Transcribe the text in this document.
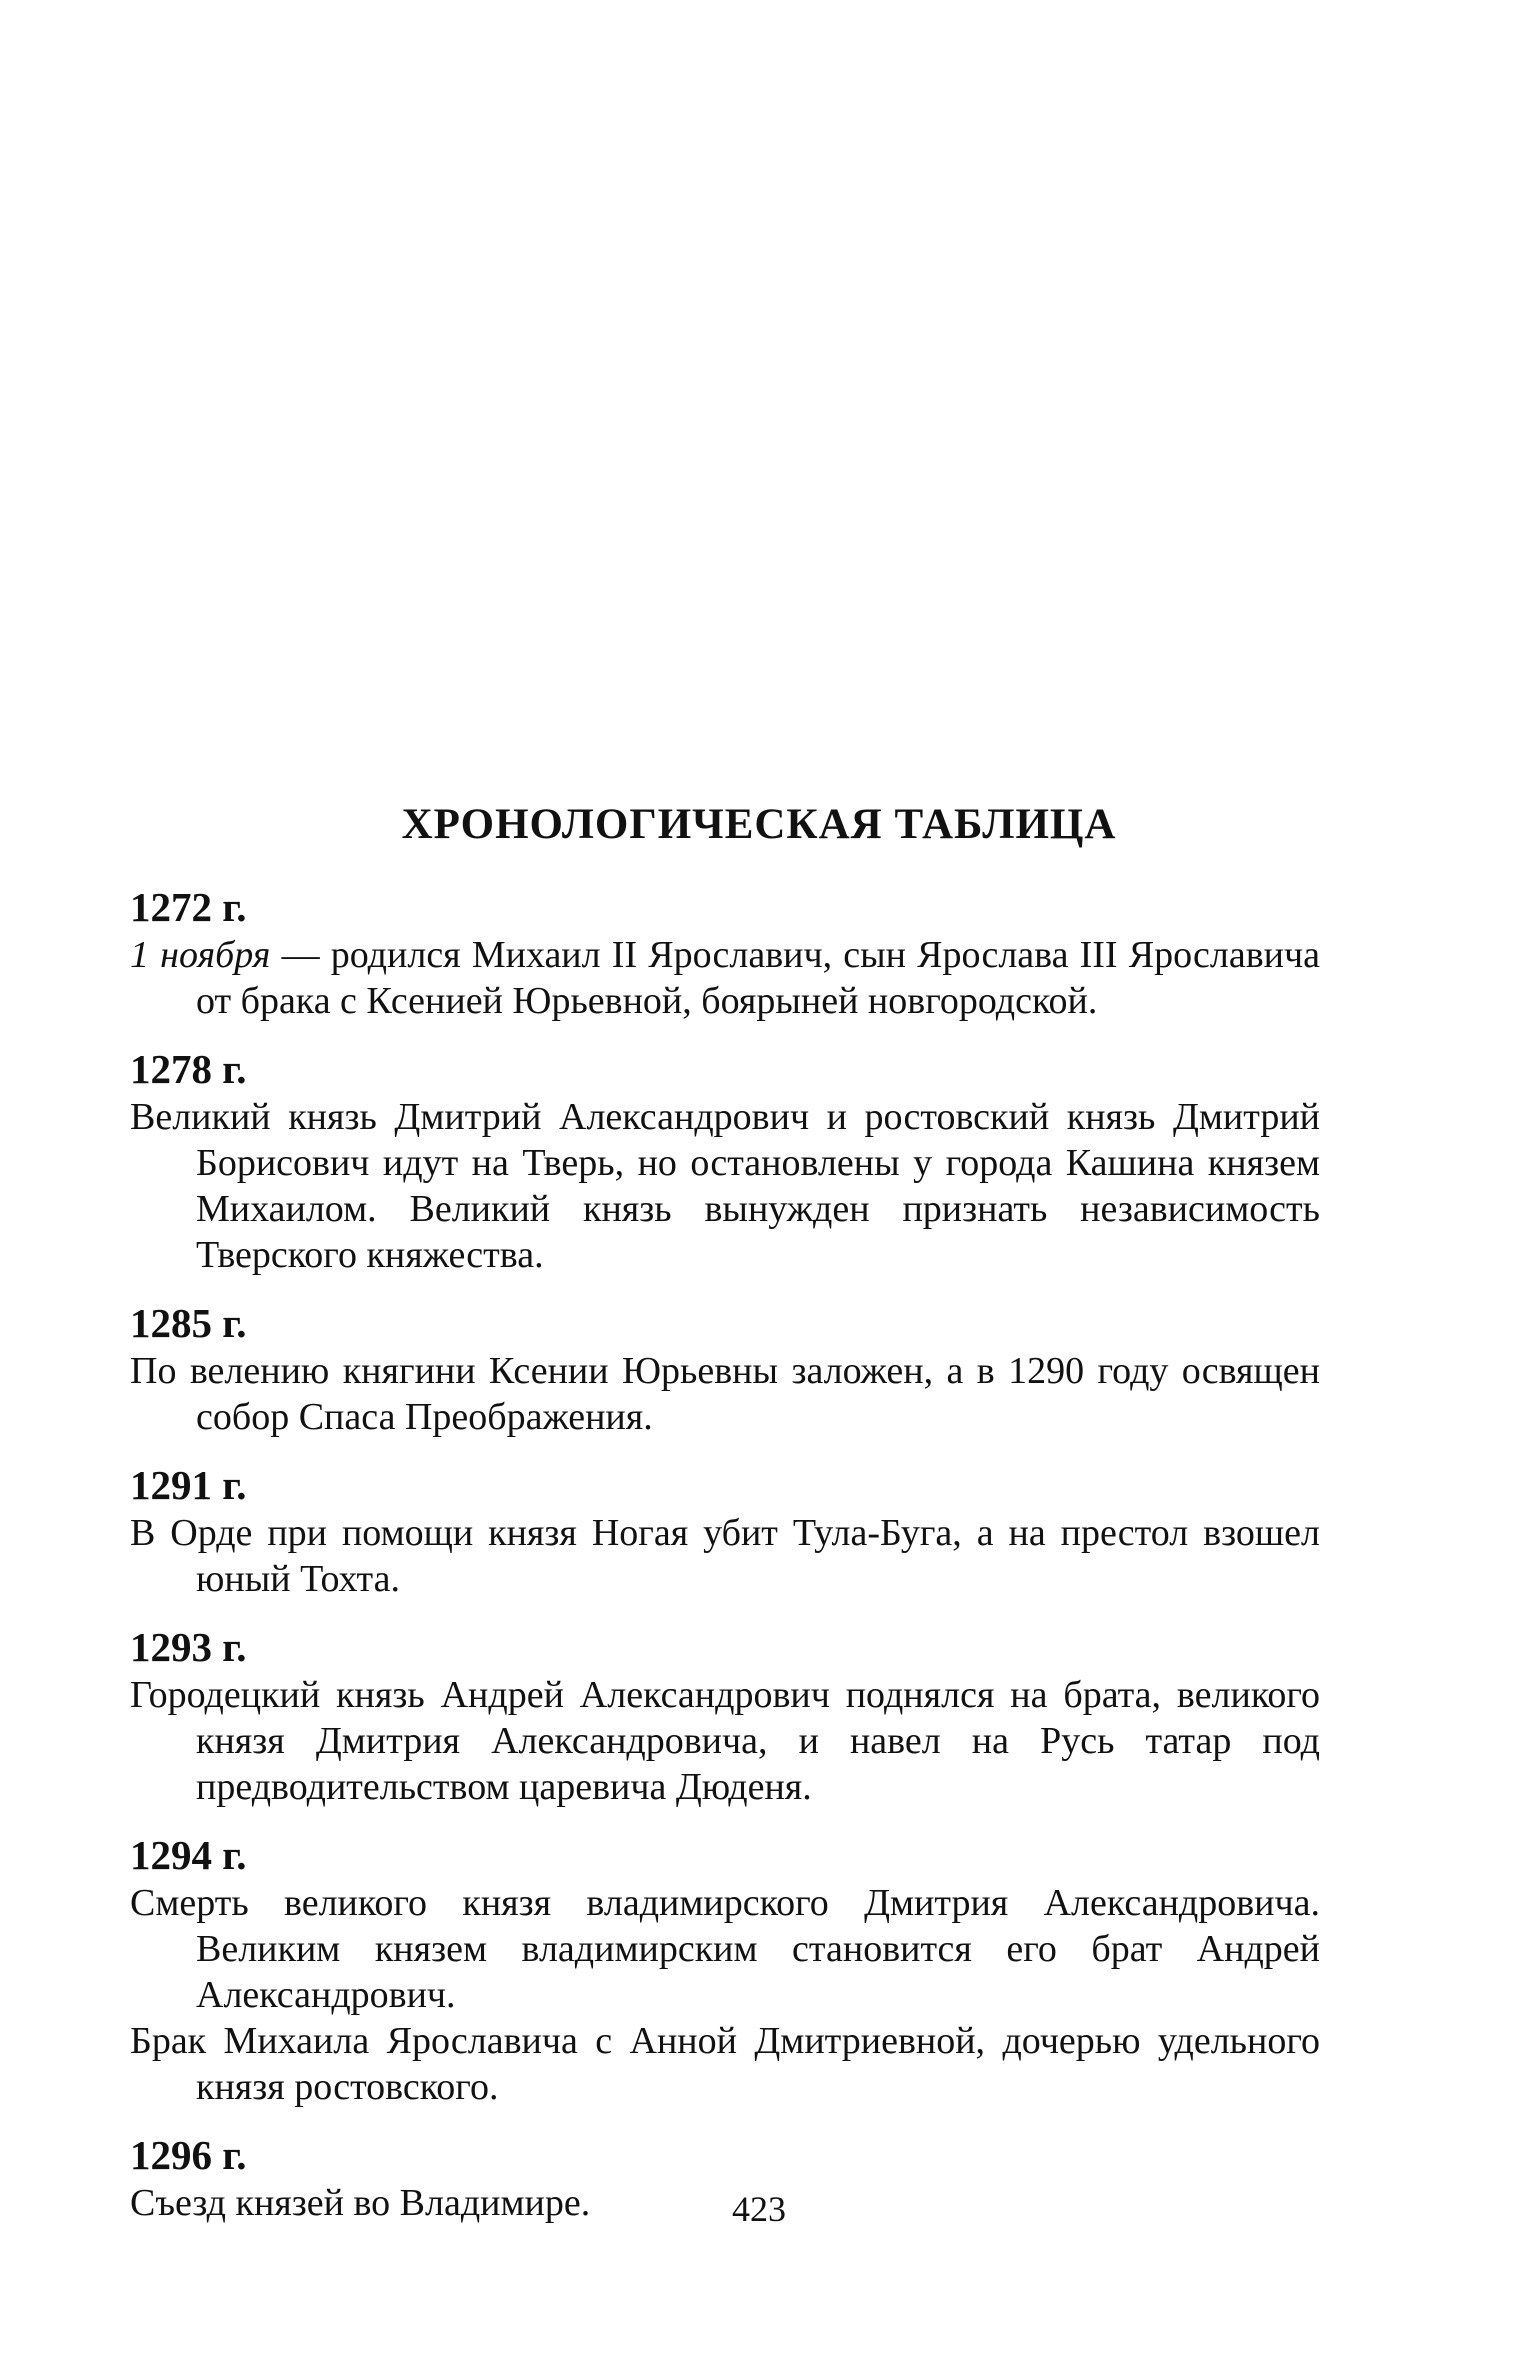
ХРОНОЛОГИЧЕСКАЯ ТАБЛИЦА
1272 г.

1 ноября — родился Михаил II Ярославич, сын Ярослава III Ярославича от брака с Ксенией Юрьевной, боярыней новгородской.

1278 г.

Великий князь Дмитрий Александрович и ростовский князь Дмитрий Борисович идут на Тверь, но остановлены у города Кашина князем Михаилом. Великий князь вынужден признать независимость Тверского княжества.

1285 г.

По велению княгини Ксении Юрьевны заложен, а в 1290 году освящен собор Спаса Преображения.

1291 г.

В Орде при помощи князя Ногая убит Тула-Буга, а на престол взошел юный Тохта.

1293 г.

Городецкий князь Андрей Александрович поднялся на брата, великого князя Дмитрия Александровича, и навел на Русь татар под предводительством царевича Дюденя.

1294 г.

Смерть великого князя владимирского Дмитрия Александровича. Великим князем владимирским становится его брат Андрей Александрович.

Брак Михаила Ярославича с Анной Дмитриевной, дочерью удельного князя ростовского.

1296 г.

Съезд князей во Владимире.	423
